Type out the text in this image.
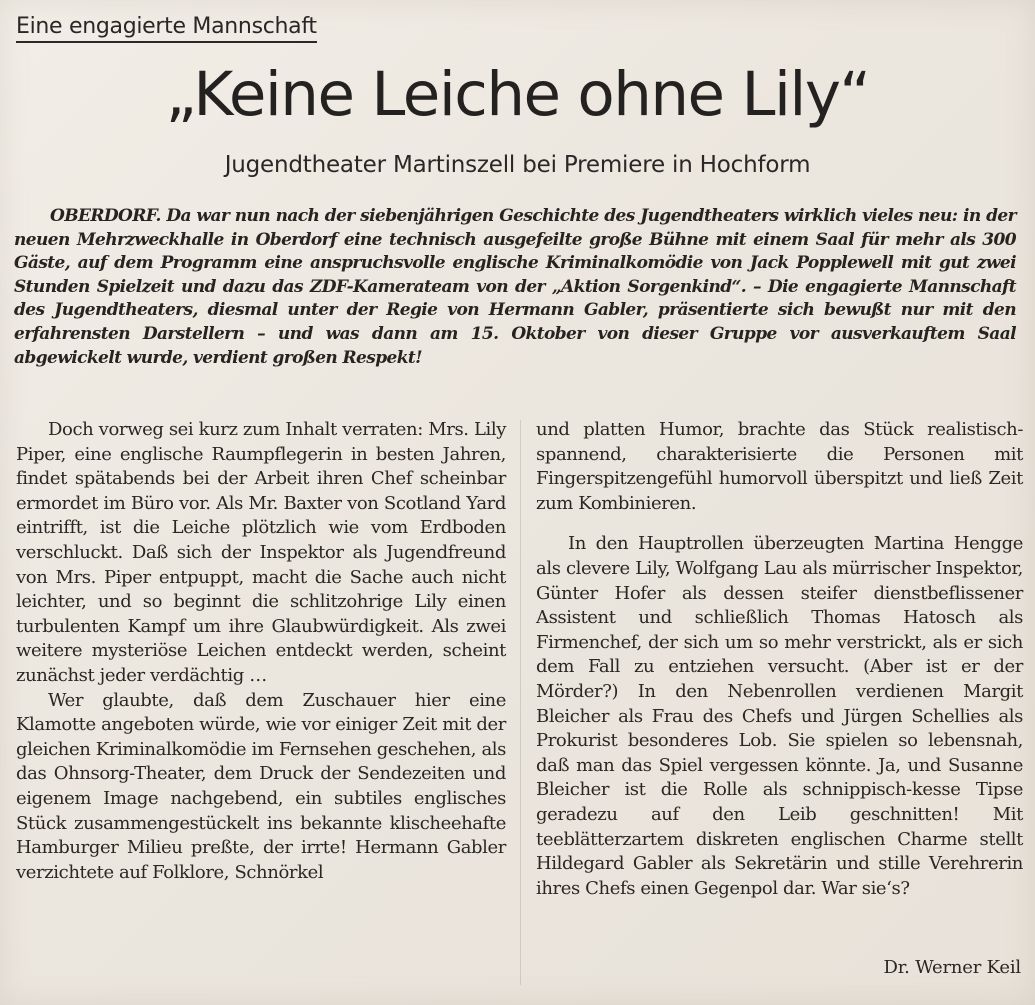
Eine engagierte Mannschaft
„Keine Leiche ohne Lily“
Jugendtheater Martinszell bei Premiere in Hochform
OBERDORF. Da war nun nach der siebenjährigen Geschichte des Jugendtheaters wirklich vieles neu: in der neuen Mehrzweckhalle in Oberdorf eine technisch ausgefeilte große Bühne mit einem Saal für mehr als 300 Gäste, auf dem Programm eine anspruchsvolle englische Kriminalkomödie von Jack Popplewell mit gut zwei Stunden Spielzeit und dazu das ZDF-Kamerateam von der „Aktion Sorgenkind“. – Die engagierte Mannschaft des Jugendtheaters, diesmal unter der Regie von Hermann Gabler, präsentierte sich bewußt nur mit den erfahrensten Darstellern – und was dann am 15. Oktober von dieser Gruppe vor ausverkauftem Saal abgewickelt wurde, verdient großen Respekt!

Doch vorweg sei kurz zum Inhalt verraten: Mrs. Lily Piper, eine englische Raumpflegerin in besten Jahren, findet spätabends bei der Arbeit ihren Chef scheinbar ermordet im Büro vor. Als Mr. Baxter von Scotland Yard eintrifft, ist die Leiche plötzlich wie vom Erdboden verschluckt. Daß sich der Inspektor als Jugendfreund von Mrs. Piper entpuppt, macht die Sache auch nicht leichter, und so beginnt die schlitzohrige Lily einen turbulenten Kampf um ihre Glaubwürdigkeit. Als zwei weitere mysteriöse Leichen entdeckt werden, scheint zunächst jeder verdächtig …

Wer glaubte, daß dem Zuschauer hier eine Klamotte angeboten würde, wie vor einiger Zeit mit der gleichen Kriminalkomödie im Fernsehen geschehen, als das Ohnsorg-Theater, dem Druck der Sendezeiten und eigenem Image nachgebend, ein subtiles englisches Stück zusammengestückelt ins bekannte klischeehafte Hamburger Milieu preßte, der irrte! Hermann Gabler verzichtete auf Folklore, Schnörkel

und platten Humor, brachte das Stück realistisch-spannend, charakterisierte die Personen mit Fingerspitzengefühl humorvoll überspitzt und ließ Zeit zum Kombinieren.

In den Hauptrollen überzeugten Martina Hengge als clevere Lily, Wolfgang Lau als mürrischer Inspektor, Günter Hofer als dessen steifer dienstbeflissener Assistent und schließlich Thomas Hatosch als Firmenchef, der sich um so mehr verstrickt, als er sich dem Fall zu entziehen versucht. (Aber ist er der Mörder?) In den Nebenrollen verdienen Margit Bleicher als Frau des Chefs und Jürgen Schellies als Prokurist besonderes Lob. Sie spielen so lebensnah, daß man das Spiel vergessen könnte. Ja, und Susanne Bleicher ist die Rolle als schnippisch-kesse Tipse geradezu auf den Leib geschnitten! Mit teeblätterzartem diskreten englischen Charme stellt Hildegard Gabler als Sekretärin und stille Verehrerin ihres Chefs einen Gegenpol dar. War sie‘s?

Dr. Werner Keil
